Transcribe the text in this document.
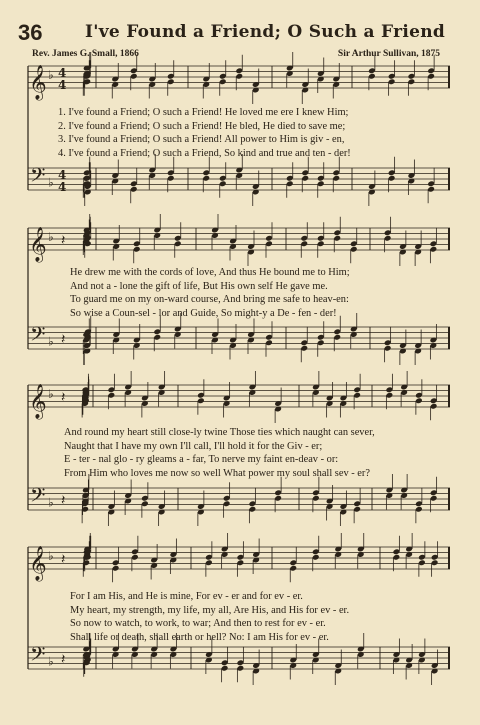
36	I've Found a Friend; O Such a Friend
Rev. James G. Small, 1866	Sir Arthur Sullivan, 1875
𝄞
𝄢
♭
♭
4
4
4
4
𝄞
𝄢
♭
♭
𝄽
𝄽
𝄞
𝄢
♭
♭
𝄽
𝄽
𝄞
𝄢
♭
♭
𝄽
𝄽
1. I've found a Friend; O such a Friend! He loved me ere I knew Him;
2. I've found a Friend; O such a Friend! He bled, He died to save me;
3. I've found a Friend; O such a Friend! All power to Him is giv - en,
4. I've found a Friend; O such a Friend, So kind and true and ten - der!
He drew me with the cords of love, And thus He bound me to Him;
And not a - lone the gift of life, But His own self He gave me.
To guard me on my on-ward course, And bring me safe to heav-en:
So wise a Coun-sel - lor and Guide, So might-y a De - fen - der!
And round my heart still close-ly twine Those ties which naught can sever,
Naught that I have my own I'll call, I'll hold it for the Giv - er;
E - ter - nal glo - ry gleams a - far, To nerve my faint en-deav - or:
From Him who loves me now so well What power my soul shall sev - er?
For I am His, and He is mine, For ev - er and for ev - er.
My heart, my strength, my life, my all, Are His, and His for ev - er.
So now to watch, to work, to war; And then to rest for ev - er.
Shall life or death, shall earth or hell? No: I am His for ev - er.
